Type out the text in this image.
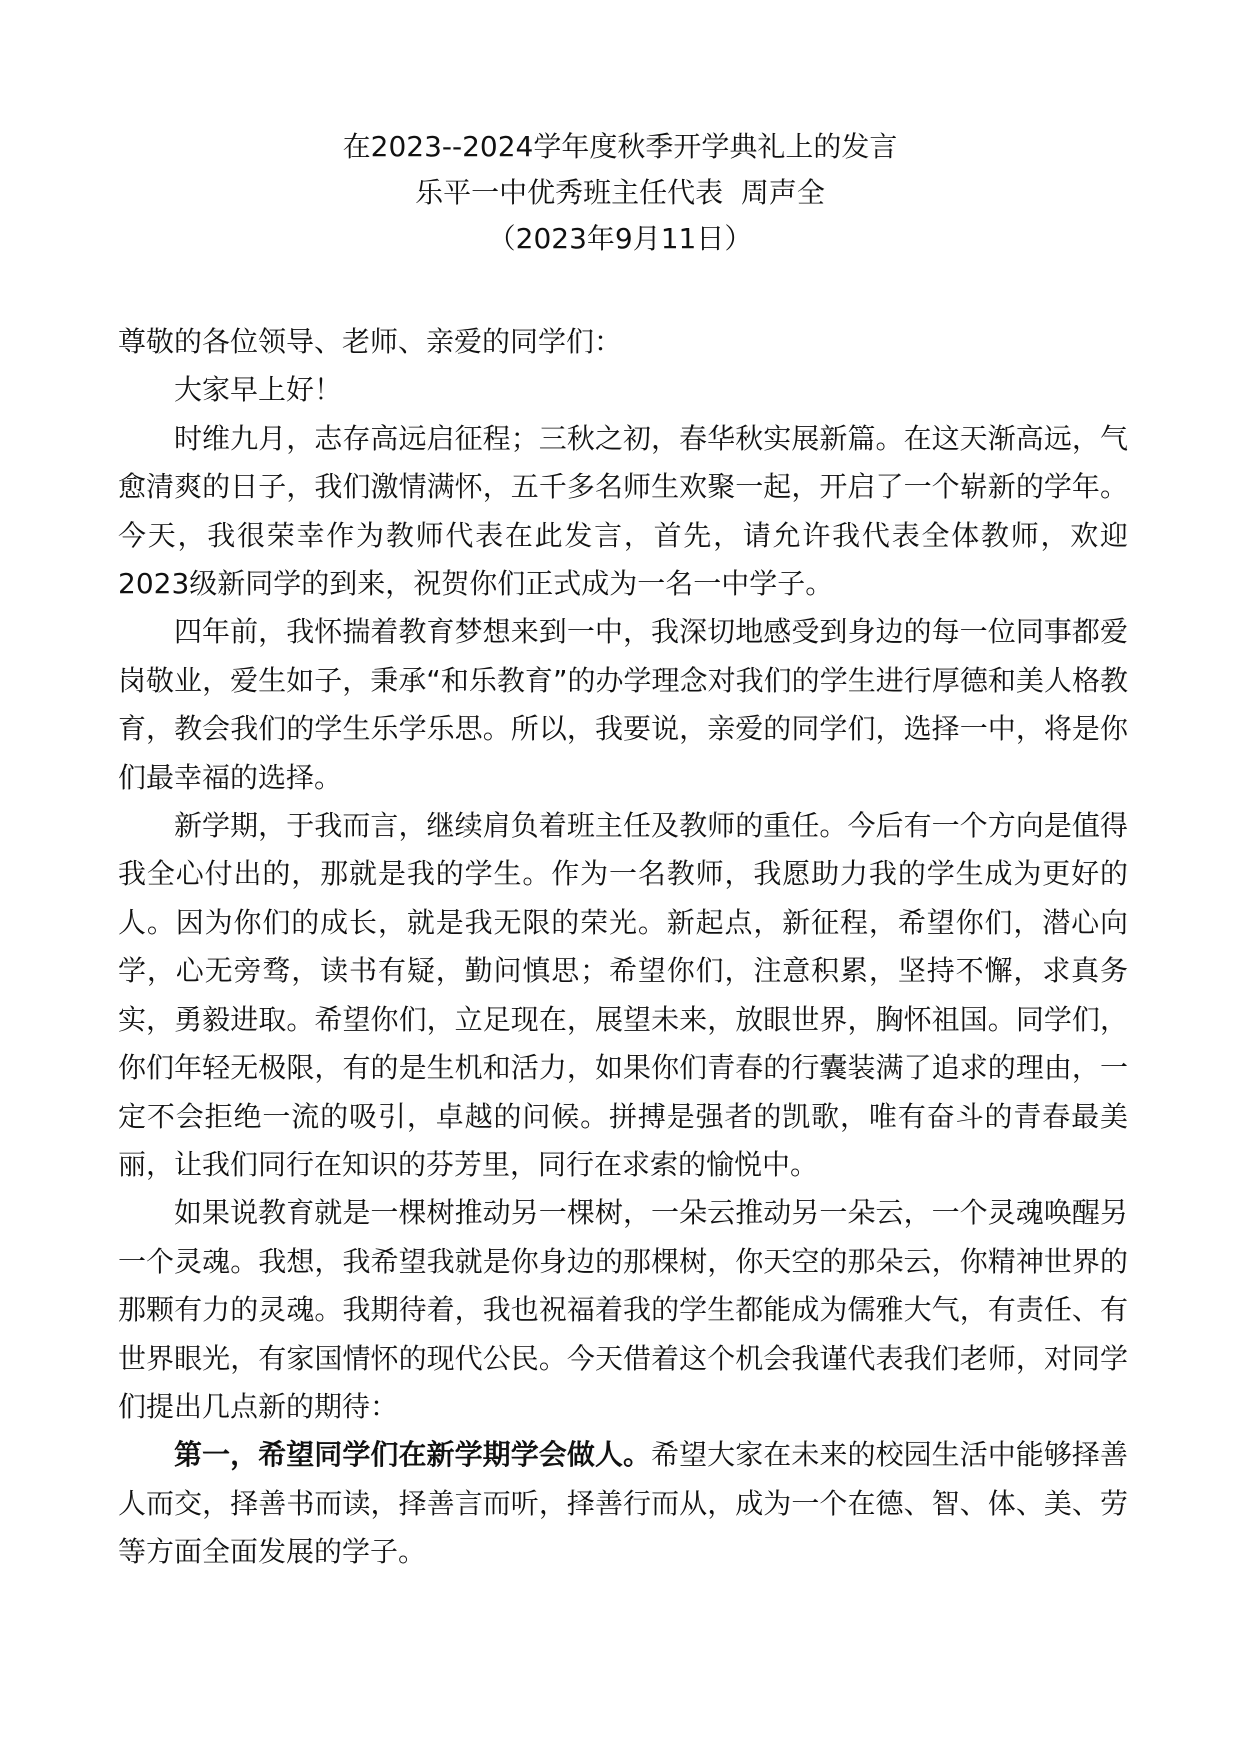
在2023--2024学年度秋季开学典礼上的发言
乐平一中优秀班主任代表  周声全
（2023年9月11日）

尊敬的各位领导、老师、亲爱的同学们：

大家早上好！

时维九月，志存高远启征程；三秋之初，春华秋实展新篇。在这天渐高远，气愈清爽的日子，我们激情满怀，五千多名师生欢聚一起，开启了一个崭新的学年。今天，我很荣幸作为教师代表在此发言，首先，请允许我代表全体教师，欢迎2023级新同学的到来，祝贺你们正式成为一名一中学子。

四年前，我怀揣着教育梦想来到一中，我深切地感受到身边的每一位同事都爱岗敬业，爱生如子，秉承“和乐教育”的办学理念对我们的学生进行厚德和美人格教育，教会我们的学生乐学乐思。所以，我要说，亲爱的同学们，选择一中，将是你们最幸福的选择。

新学期，于我而言，继续肩负着班主任及教师的重任。今后有一个方向是值得我全心付出的，那就是我的学生。作为一名教师，我愿助力我的学生成为更好的人。因为你们的成长，就是我无限的荣光。新起点，新征程，希望你们，潜心向学，心无旁骛，读书有疑，勤问慎思；希望你们，注意积累，坚持不懈，求真务实，勇毅进取。希望你们，立足现在，展望未来，放眼世界，胸怀祖国。同学们，你们年轻无极限，有的是生机和活力，如果你们青春的行囊装满了追求的理由，一定不会拒绝一流的吸引，卓越的问候。拼搏是强者的凯歌，唯有奋斗的青春最美丽，让我们同行在知识的芬芳里，同行在求索的愉悦中。

如果说教育就是一棵树推动另一棵树，一朵云推动另一朵云，一个灵魂唤醒另一个灵魂。我想，我希望我就是你身边的那棵树，你天空的那朵云，你精神世界的那颗有力的灵魂。我期待着，我也祝福着我的学生都能成为儒雅大气，有责任、有世界眼光，有家国情怀的现代公民。今天借着这个机会我谨代表我们老师，对同学们提出几点新的期待：

第一，希望同学们在新学期学会做人。希望大家在未来的校园生活中能够择善人而交，择善书而读，择善言而听，择善行而从，成为一个在德、智、体、美、劳等方面全面发展的学子。
